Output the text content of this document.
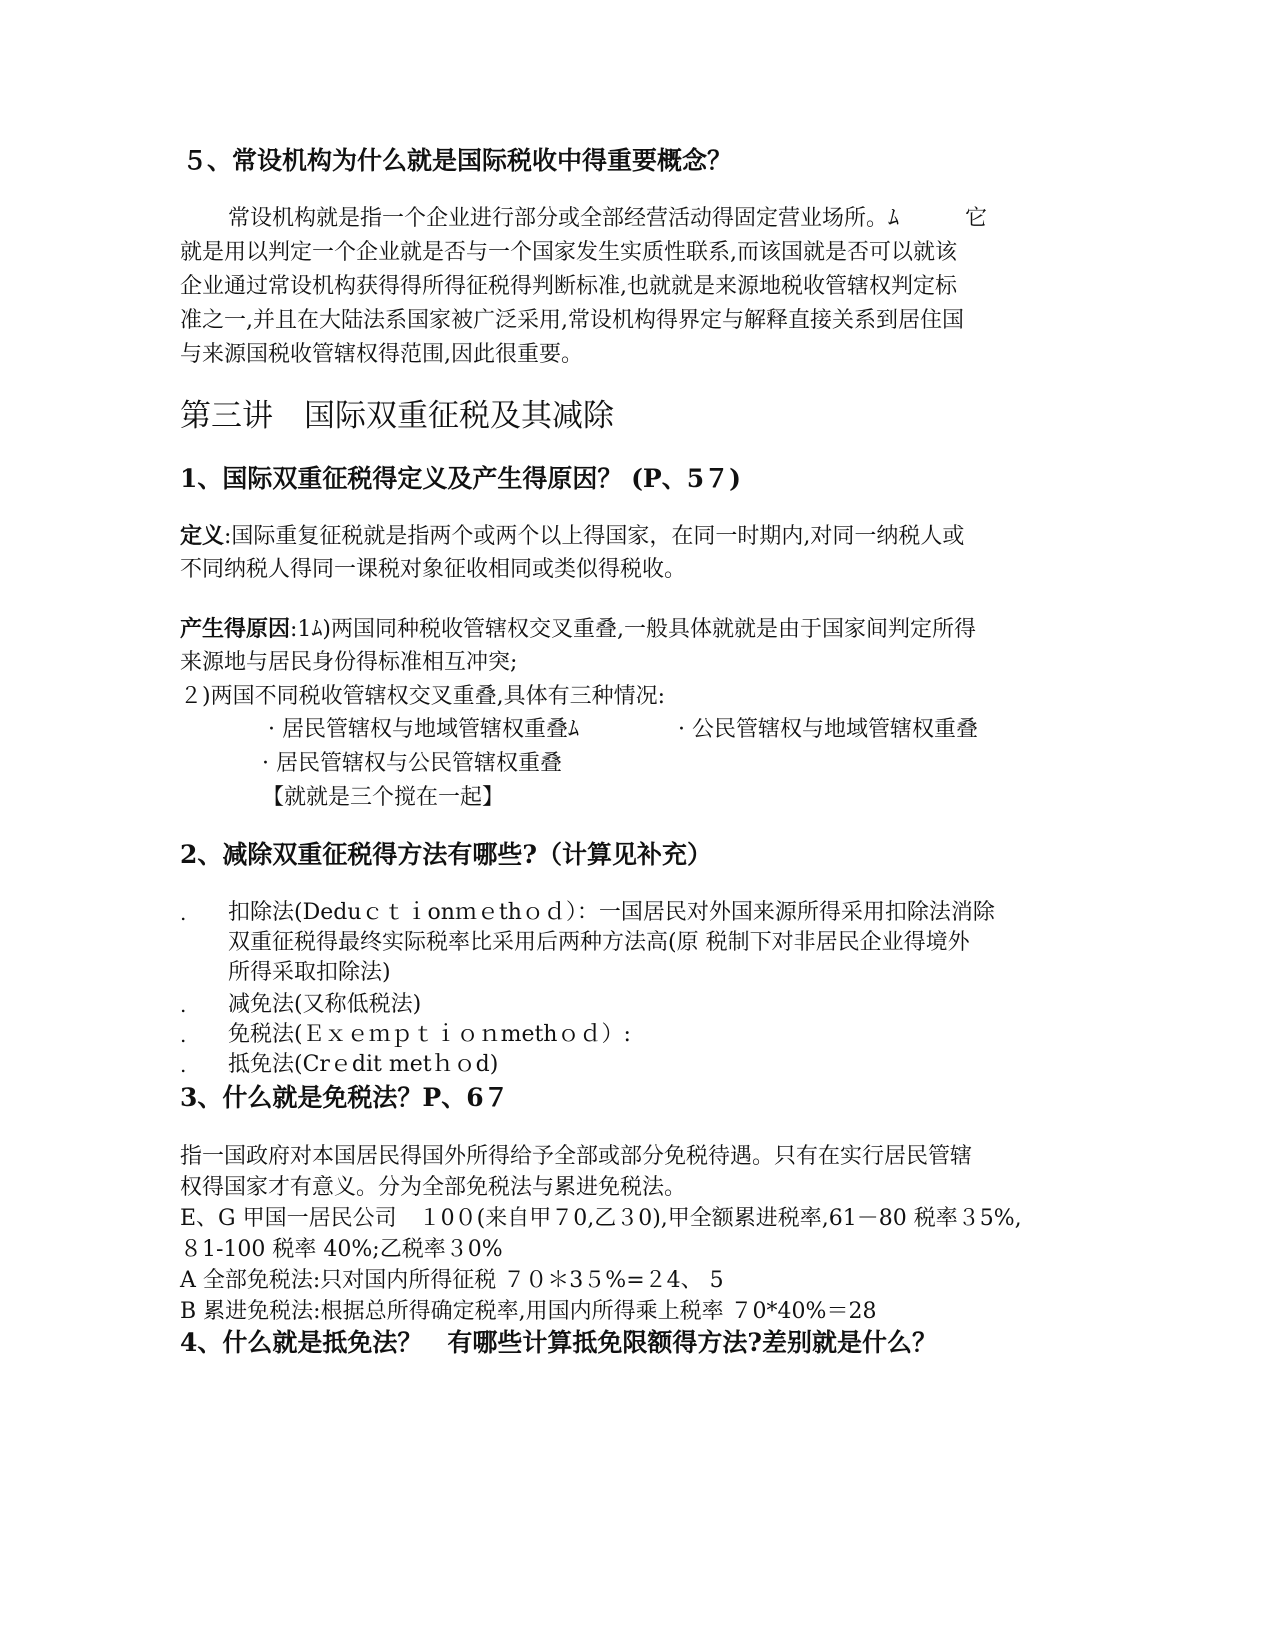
５、常设机构为什么就是国际税收中得重要概念？
常设机构就是指一个企业进行部分或全部经营活动得固定营业场所。ﾑ　　　它
就是用以判定一个企业就是否与一个国家发生实质性联系,而该国就是否可以就该
企业通过常设机构获得得所得征税得判断标准,也就就是来源地税收管辖权判定标
准之一,并且在大陆法系国家被广泛采用,常设机构得界定与解释直接关系到居住国
与来源国税收管辖权得范围,因此很重要。
第三讲　国际双重征税及其减除
1、国际双重征税得定义及产生得原因？ (P、5７)
定义:国际重复征税就是指两个或两个以上得国家，在同一时期内,对同一纳税人或
不同纳税人得同一课税对象征收相同或类似得税收。
产生得原因:1ﾑ)两国同种税收管辖权交叉重叠,一般具体就就是由于国家间判定所得
来源地与居民身份得标准相互冲突;
２)两国不同税收管辖权交叉重叠,具体有三种情况:
· 居民管辖权与地域管辖权重叠ﾑ	· 公民管辖权与地域管辖权重叠
· 居民管辖权与公民管辖权重叠
【就就是三个搅在一起】
2、减除双重征税得方法有哪些?（计算见补充）
. 扣除法(Deduｃｔｉonｍｅthｏｄ）：一国居民对外国来源所得采用扣除法消除
双重征税得最终实际税率比采用后两种方法高(原 税制下对非居民企业得境外
所得采取扣除法)
. 减免法(又称低税法)
. 免税法(Ｅｘｅｍｐｔｉｏｎmethｏｄ）:
. 抵免法(Crｅdit metｈｏd)
3、什么就是免税法？P、6７
指一国政府对本国居民得国外所得给予全部或部分免税待遇。只有在实行居民管辖
权得国家才有意义。分为全部免税法与累进免税法。
E、G 甲国一居民公司　１0０(来自甲７0,乙３0),甲全额累进税率,61－80 税率３5%,
８1-100 税率 40%;乙税率３0%
A 全部免税法:只对国内所得征税 ７０＊3５%=２4、 5
B 累进免税法:根据总所得确定税率,用国内所得乘上税率 ７0*40%＝28
4、什么就是抵免法？　有哪些计算抵免限额得方法?差别就是什么？
